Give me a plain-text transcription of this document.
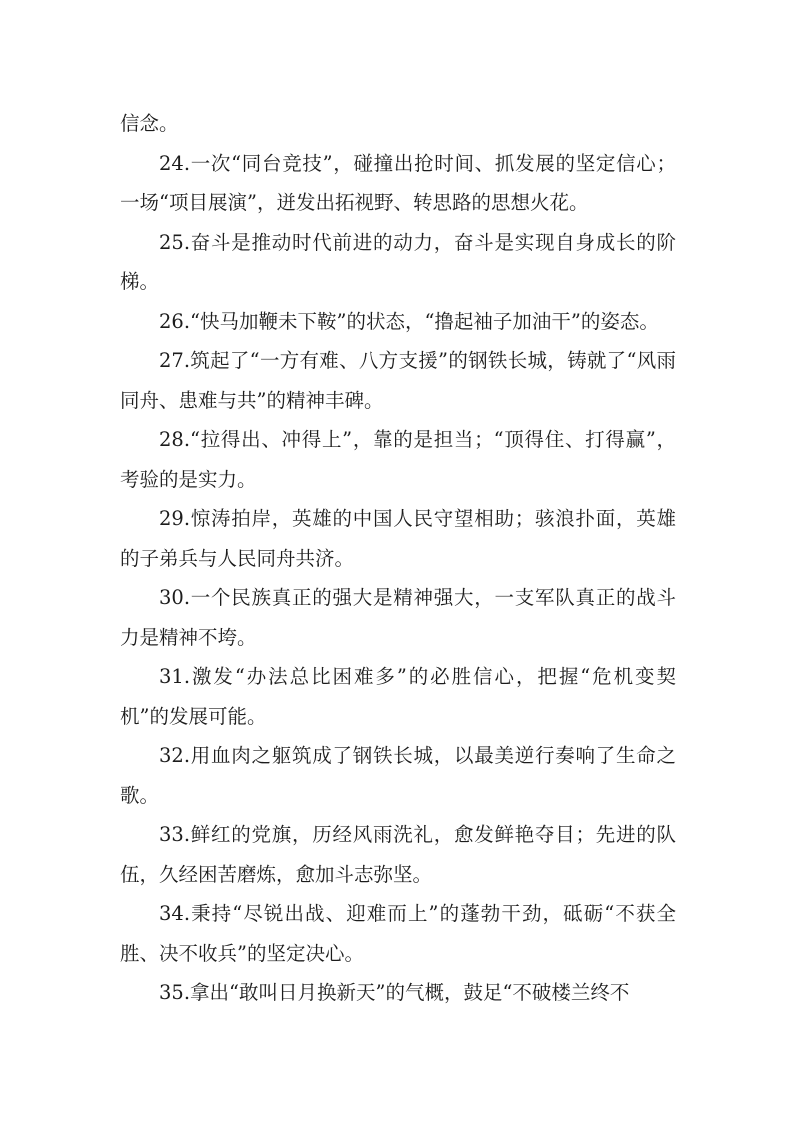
信念。

24.一次“同台竞技”，碰撞出抢时间、抓发展的坚定信心；一场“项目展演”，迸发出拓视野、转思路的思想火花。

25.奋斗是推动时代前进的动力，奋斗是实现自身成长的阶梯。

26.“快马加鞭未下鞍”的状态，“撸起袖子加油干”的姿态。

27.筑起了“一方有难、八方支援”的钢铁长城，铸就了“风雨同舟、患难与共”的精神丰碑。

28.“拉得出、冲得上”，靠的是担当；“顶得住、打得赢”，考验的是实力。

29.惊涛拍岸，英雄的中国人民守望相助；骇浪扑面，英雄的子弟兵与人民同舟共济。

30.一个民族真正的强大是精神强大，一支军队真正的战斗力是精神不垮。

31.激发“办法总比困难多”的必胜信心，把握“危机变契机”的发展可能。

32.用血肉之躯筑成了钢铁长城，以最美逆行奏响了生命之歌。

33.鲜红的党旗，历经风雨洗礼，愈发鲜艳夺目；先进的队伍，久经困苦磨炼，愈加斗志弥坚。

34.秉持“尽锐出战、迎难而上”的蓬勃干劲，砥砺“不获全胜、决不收兵”的坚定决心。

35.拿出“敢叫日月换新天”的气概，鼓足“不破楼兰终不
